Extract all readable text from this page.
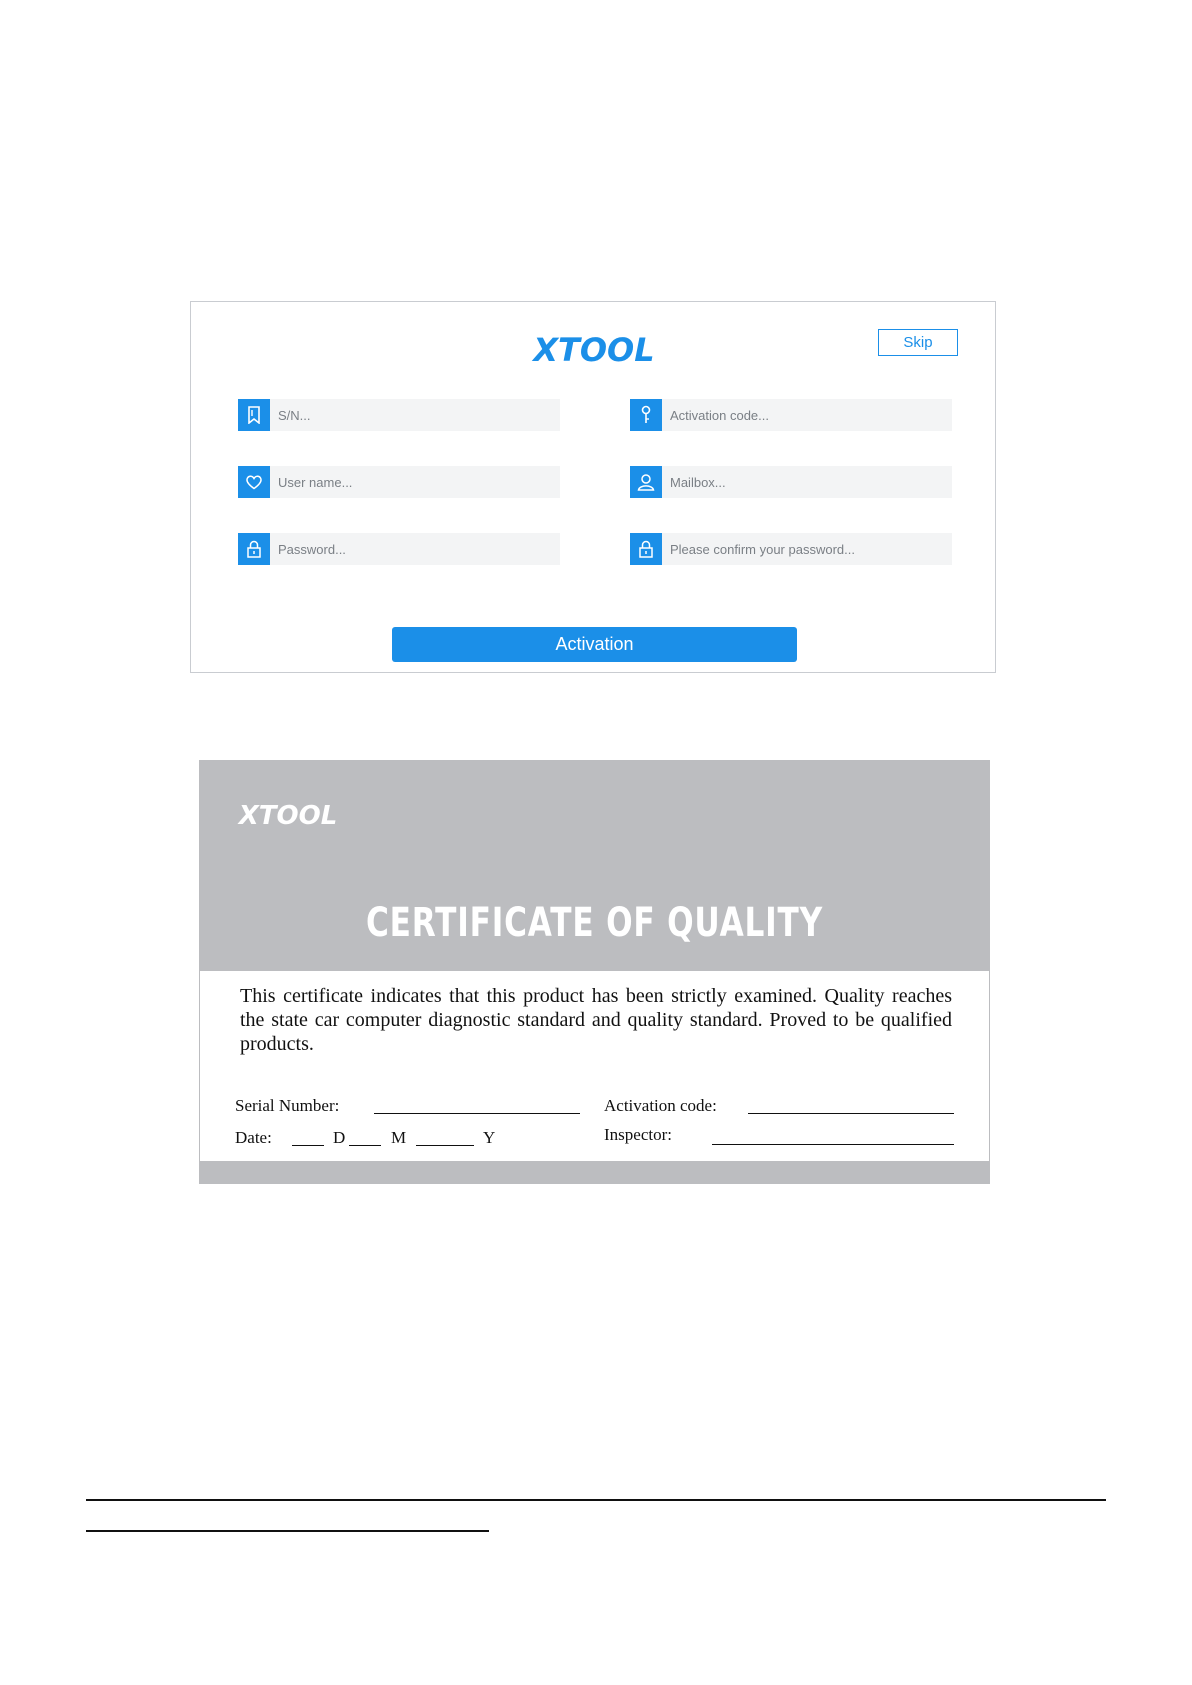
XTOOL	Skip
S/N...	Activation code...
User name...	Mailbox...
Password...	Please confirm your password...
Activation
XTOOL
CERTIFICATE OF QUALITY
This certificate indicates that this product has been strictly examined. Quality reaches the state car computer diagnostic standard and quality standard. Proved to be qualified products.
Serial Number:	Activation code:
Date:	D	M	Y	Inspector:
